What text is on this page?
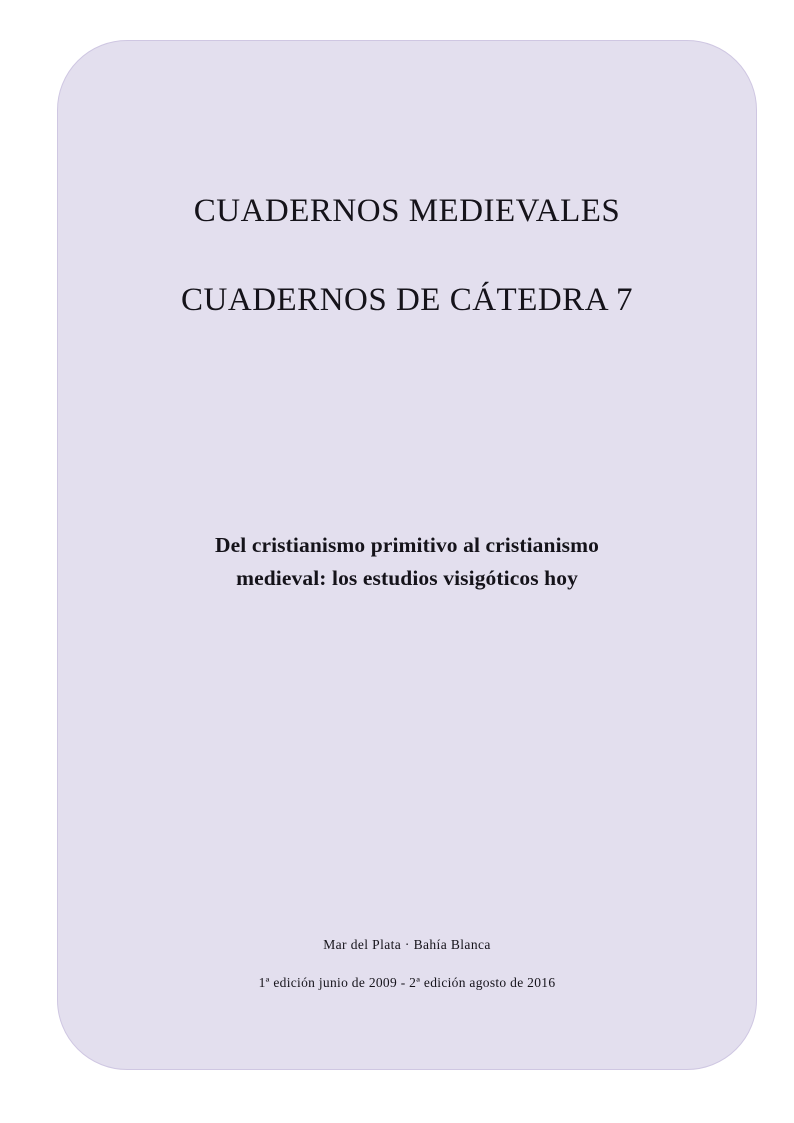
CUADERNOS MEDIEVALES
CUADERNOS DE CÁTEDRA 7
Del cristianismo primitivo al cristianismo
medieval: los estudios visigóticos hoy
Mar del Plata · Bahía Blanca
1ª edición junio de 2009 - 2ª edición agosto de 2016
